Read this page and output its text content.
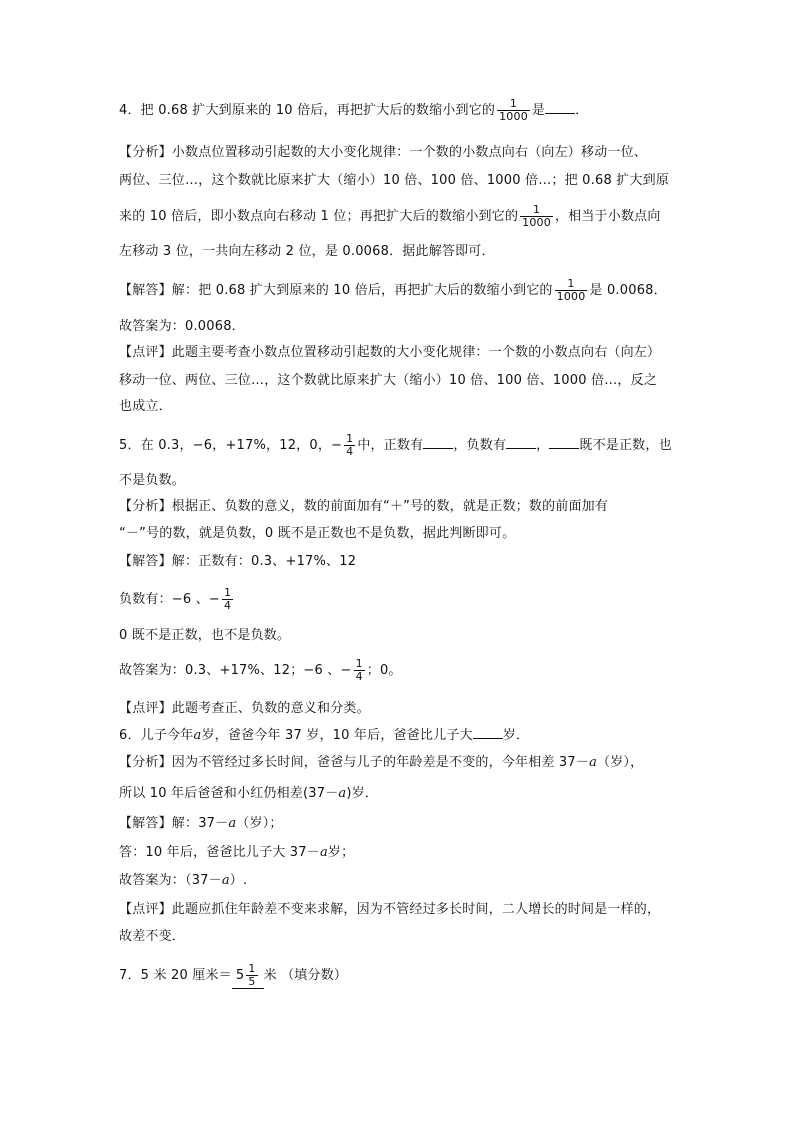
4．把 0.68 扩大到原来的 10 倍后，再把扩大后的数缩小到它的 $\frac{1}{1000}$ 是 ．
【分析】小数点位置移动引起数的大小变化规律：一个数的小数点向右（向左）移动一位、
两位、三位…，这个数就比原来扩大（缩小）10 倍、100 倍、1000 倍…；把 0.68 扩大到原
来的 10 倍后，即小数点向右移动 1 位；再把扩大后的数缩小到它的 $\frac{1}{1000}$ ，相当于小数点向
左移动 3 位，一共向左移动 2 位，是 0.0068．据此解答即可．
【解答】解：把 0.68 扩大到原来的 10 倍后，再把扩大后的数缩小到它的 $\frac{1}{1000}$ 是 0.0068．
故答案为：0.0068．
【点评】此题主要考查小数点位置移动引起数的大小变化规律：一个数的小数点向右（向左）
移动一位、两位、三位…，这个数就比原来扩大（缩小）10 倍、100 倍、1000 倍…，反之
也成立．
5．在 0.3，−6，+17%，12，0，− $\frac{1}{4}$ 中，正数有 ，负数有 ， 既不是正数，也
不是负数。
【分析】根据正、负数的意义，数的前面加有“＋”号的数，就是正数；数的前面加有
“－”号的数，就是负数，0 既不是正数也不是负数，据此判断即可。
【解答】解：正数有：0.3、+17%、12
负数有：−6 、− $\frac{1}{4}$
0 既不是正数，也不是负数。
故答案为：0.3、+17%、12；−6 、− $\frac{1}{4}$ ；0。
【点评】此题考查正、负数的意义和分类。
6．儿子今年a岁，爸爸今年 37 岁，10 年后，爸爸比儿子大 岁．
【分析】因为不管经过多长时间，爸爸与儿子的年龄差是不变的，今年相差 37－a（岁），
所以 10 年后爸爸和小红仍相差(37－a)岁．
【解答】解：37－a（岁）；
答：10 年后，爸爸比儿子大 37－a岁；
故答案为：（37－a）.
【点评】此题应抓住年龄差不变来求解，因为不管经过多长时间，二人增长的时间是一样的，
故差不变．
7．5 米 20 厘米＝ $5 \frac{1}{5}$ 米 （填分数）
